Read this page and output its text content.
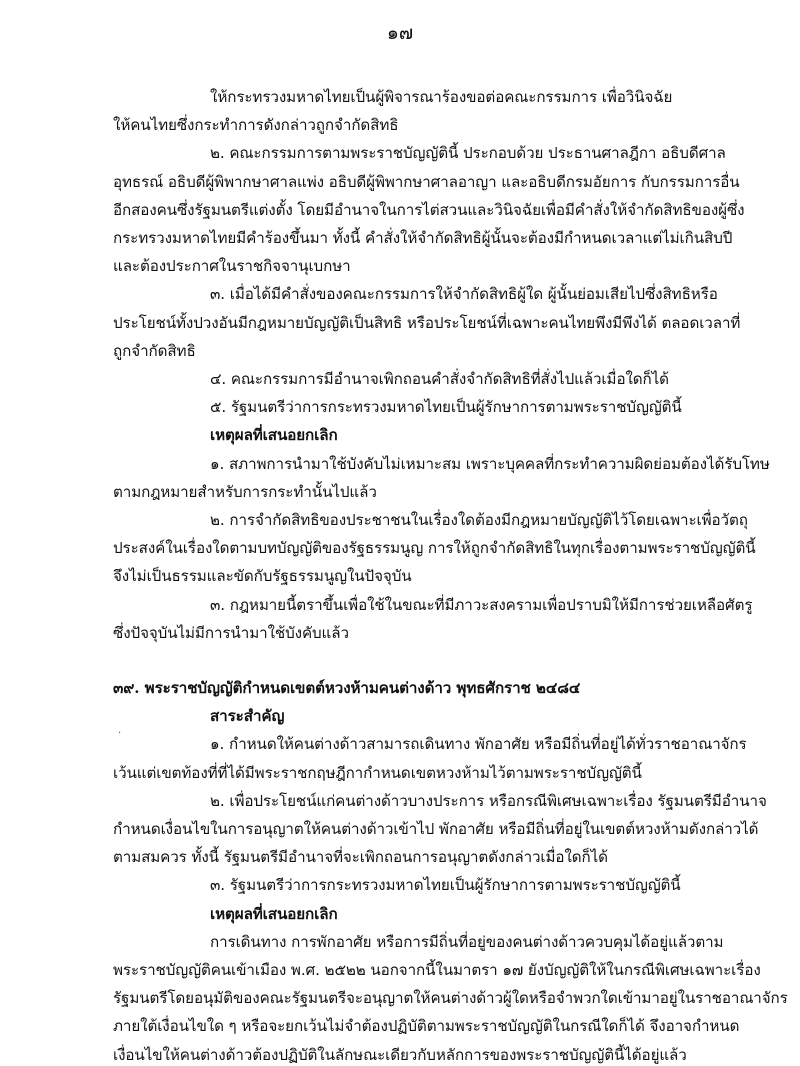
๑๗
ให้กระทรวงมหาดไทยเป็นผู้พิจารณาร้องขอต่อคณะกรรมการ เพื่อวินิจฉัย
ให้คนไทยซึ่งกระทำการดังกล่าวถูกจำกัดสิทธิ
๒. คณะกรรมการตามพระราชบัญญัตินี้ ประกอบด้วย ประธานศาลฎีกา อธิบดีศาล
อุทธรณ์ อธิบดีผู้พิพากษาศาลแพ่ง อธิบดีผู้พิพากษาศาลอาญา และอธิบดีกรมอัยการ กับกรรมการอื่น
อีกสองคนซึ่งรัฐมนตรีแต่งตั้ง โดยมีอำนาจในการไต่สวนและวินิจฉัยเพื่อมีคำสั่งให้จำกัดสิทธิของผู้ซึ่ง
กระทรวงมหาดไทยมีคำร้องขึ้นมา ทั้งนี้ คำสั่งให้จำกัดสิทธิผู้นั้นจะต้องมีกำหนดเวลาแต่ไม่เกินสิบปี
และต้องประกาศในราชกิจจานุเบกษา
๓. เมื่อได้มีคำสั่งของคณะกรรมการให้จำกัดสิทธิผู้ใด ผู้นั้นย่อมเสียไปซึ่งสิทธิหรือ
ประโยชน์ทั้งปวงอันมีกฎหมายบัญญัติเป็นสิทธิ หรือประโยชน์ที่เฉพาะคนไทยพึงมีพึงได้ ตลอดเวลาที่
ถูกจำกัดสิทธิ
๔. คณะกรรมการมีอำนาจเพิกถอนคำสั่งจำกัดสิทธิที่สั่งไปแล้วเมื่อใดก็ได้
๕. รัฐมนตรีว่าการกระทรวงมหาดไทยเป็นผู้รักษาการตามพระราชบัญญัตินี้
เหตุผลที่เสนอยกเลิก
๑. สภาพการนำมาใช้บังคับไม่เหมาะสม เพราะบุคคลที่กระทำความผิดย่อมต้องได้รับโทษ
ตามกฎหมายสำหรับการกระทำนั้นไปแล้ว
๒. การจำกัดสิทธิของประชาชนในเรื่องใดต้องมีกฎหมายบัญญัติไว้โดยเฉพาะเพื่อวัตถุ
ประสงค์ในเรื่องใดตามบทบัญญัติของรัฐธรรมนูญ การให้ถูกจำกัดสิทธิในทุกเรื่องตามพระราชบัญญัตินี้
จึงไม่เป็นธรรมและขัดกับรัฐธรรมนูญในปัจจุบัน
๓. กฎหมายนี้ตราขึ้นเพื่อใช้ในขณะที่มีภาวะสงครามเพื่อปราบมิให้มีการช่วยเหลือศัตรู
ซึ่งปัจจุบันไม่มีการนำมาใช้บังคับแล้ว
๓๙. พระราชบัญญัติกำหนดเขตต์หวงห้ามคนต่างด้าว พุทธศักราช ๒๔๘๔
สาระสำคัญ
·
๑. กำหนดให้คนต่างด้าวสามารถเดินทาง พักอาศัย หรือมีถิ่นที่อยู่ได้ทั่วราชอาณาจักร
เว้นแต่เขตท้องที่ที่ได้มีพระราชกฤษฎีกากำหนดเขตหวงห้ามไว้ตามพระราชบัญญัตินี้
๒. เพื่อประโยชน์แก่คนต่างด้าวบางประการ หรือกรณีพิเศษเฉพาะเรื่อง รัฐมนตรีมีอำนาจ
กำหนดเงื่อนไขในการอนุญาตให้คนต่างด้าวเข้าไป พักอาศัย หรือมีถิ่นที่อยู่ในเขตต์หวงห้ามดังกล่าวได้
ตามสมควร ทั้งนี้ รัฐมนตรีมีอำนาจที่จะเพิกถอนการอนุญาตดังกล่าวเมื่อใดก็ได้
๓. รัฐมนตรีว่าการกระทรวงมหาดไทยเป็นผู้รักษาการตามพระราชบัญญัตินี้
เหตุผลที่เสนอยกเลิก
การเดินทาง การพักอาศัย หรือการมีถิ่นที่อยู่ของคนต่างด้าวควบคุมได้อยู่แล้วตาม
พระราชบัญญัติคนเข้าเมือง พ.ศ. ๒๕๒๒ นอกจากนี้ในมาตรา ๑๗ ยังบัญญัติให้ในกรณีพิเศษเฉพาะเรื่อง
รัฐมนตรีโดยอนุมัติของคณะรัฐมนตรีจะอนุญาตให้คนต่างด้าวผู้ใดหรือจำพวกใดเข้ามาอยู่ในราชอาณาจักร
ภายใต้เงื่อนไขใด ๆ หรือจะยกเว้นไม่จำต้องปฏิบัติตามพระราชบัญญัติในกรณีใดก็ได้ จึงอาจกำหนด
เงื่อนไขให้คนต่างด้าวต้องปฏิบัติในลักษณะเดียวกับหลักการของพระราชบัญญัตินี้ได้อยู่แล้ว
